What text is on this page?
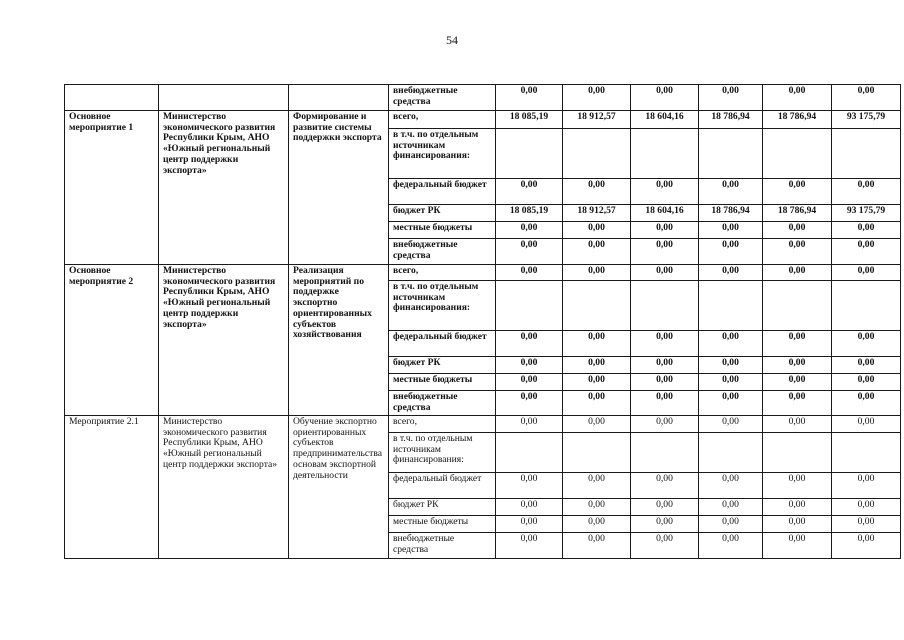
54
			внебюджетные средства	0,00	0,00	0,00	0,00	0,00	0,00
Основное мероприятие 1	Министерство экономического развития Республики Крым, АНО «Южный региональный центр поддержки экспорта»	Формирование и развитие системы поддержки экспорта	всего,	18 085,19	18 912,57	18 604,16	18 786,94	18 786,94	93 175,79
			в т.ч. по отдельным источникам финансирования:						
			федеральный бюджет	0,00	0,00	0,00	0,00	0,00	0,00
			бюджет РК	18 085,19	18 912,57	18 604,16	18 786,94	18 786,94	93 175,79
			местные бюджеты	0,00	0,00	0,00	0,00	0,00	0,00
			внебюджетные средства	0,00	0,00	0,00	0,00	0,00	0,00
Основное мероприятие 2	Министерство экономического развития Республики Крым, АНО «Южный региональный центр поддержки экспорта»	Реализация мероприятий по поддержке экспортно ориентированных субъектов хозяйствования	всего,	0,00	0,00	0,00	0,00	0,00	0,00
			в т.ч. по отдельным источникам финансирования:						
			федеральный бюджет	0,00	0,00	0,00	0,00	0,00	0,00
			бюджет РК	0,00	0,00	0,00	0,00	0,00	0,00
			местные бюджеты	0,00	0,00	0,00	0,00	0,00	0,00
			внебюджетные средства	0,00	0,00	0,00	0,00	0,00	0,00
Мероприятие 2.1	Министерство экономического развития Республики Крым, АНО «Южный региональный центр поддержки экспорта»	Обучение экспортно ориентированных субъектов предпринимательства основам экспортной деятельности	всего,	0,00	0,00	0,00	0,00	0,00	0,00
			в т.ч. по отдельным источникам финансирования:						
			федеральный бюджет	0,00	0,00	0,00	0,00	0,00	0,00
			бюджет РК	0,00	0,00	0,00	0,00	0,00	0,00
			местные бюджеты	0,00	0,00	0,00	0,00	0,00	0,00
			внебюджетные средства	0,00	0,00	0,00	0,00	0,00	0,00
